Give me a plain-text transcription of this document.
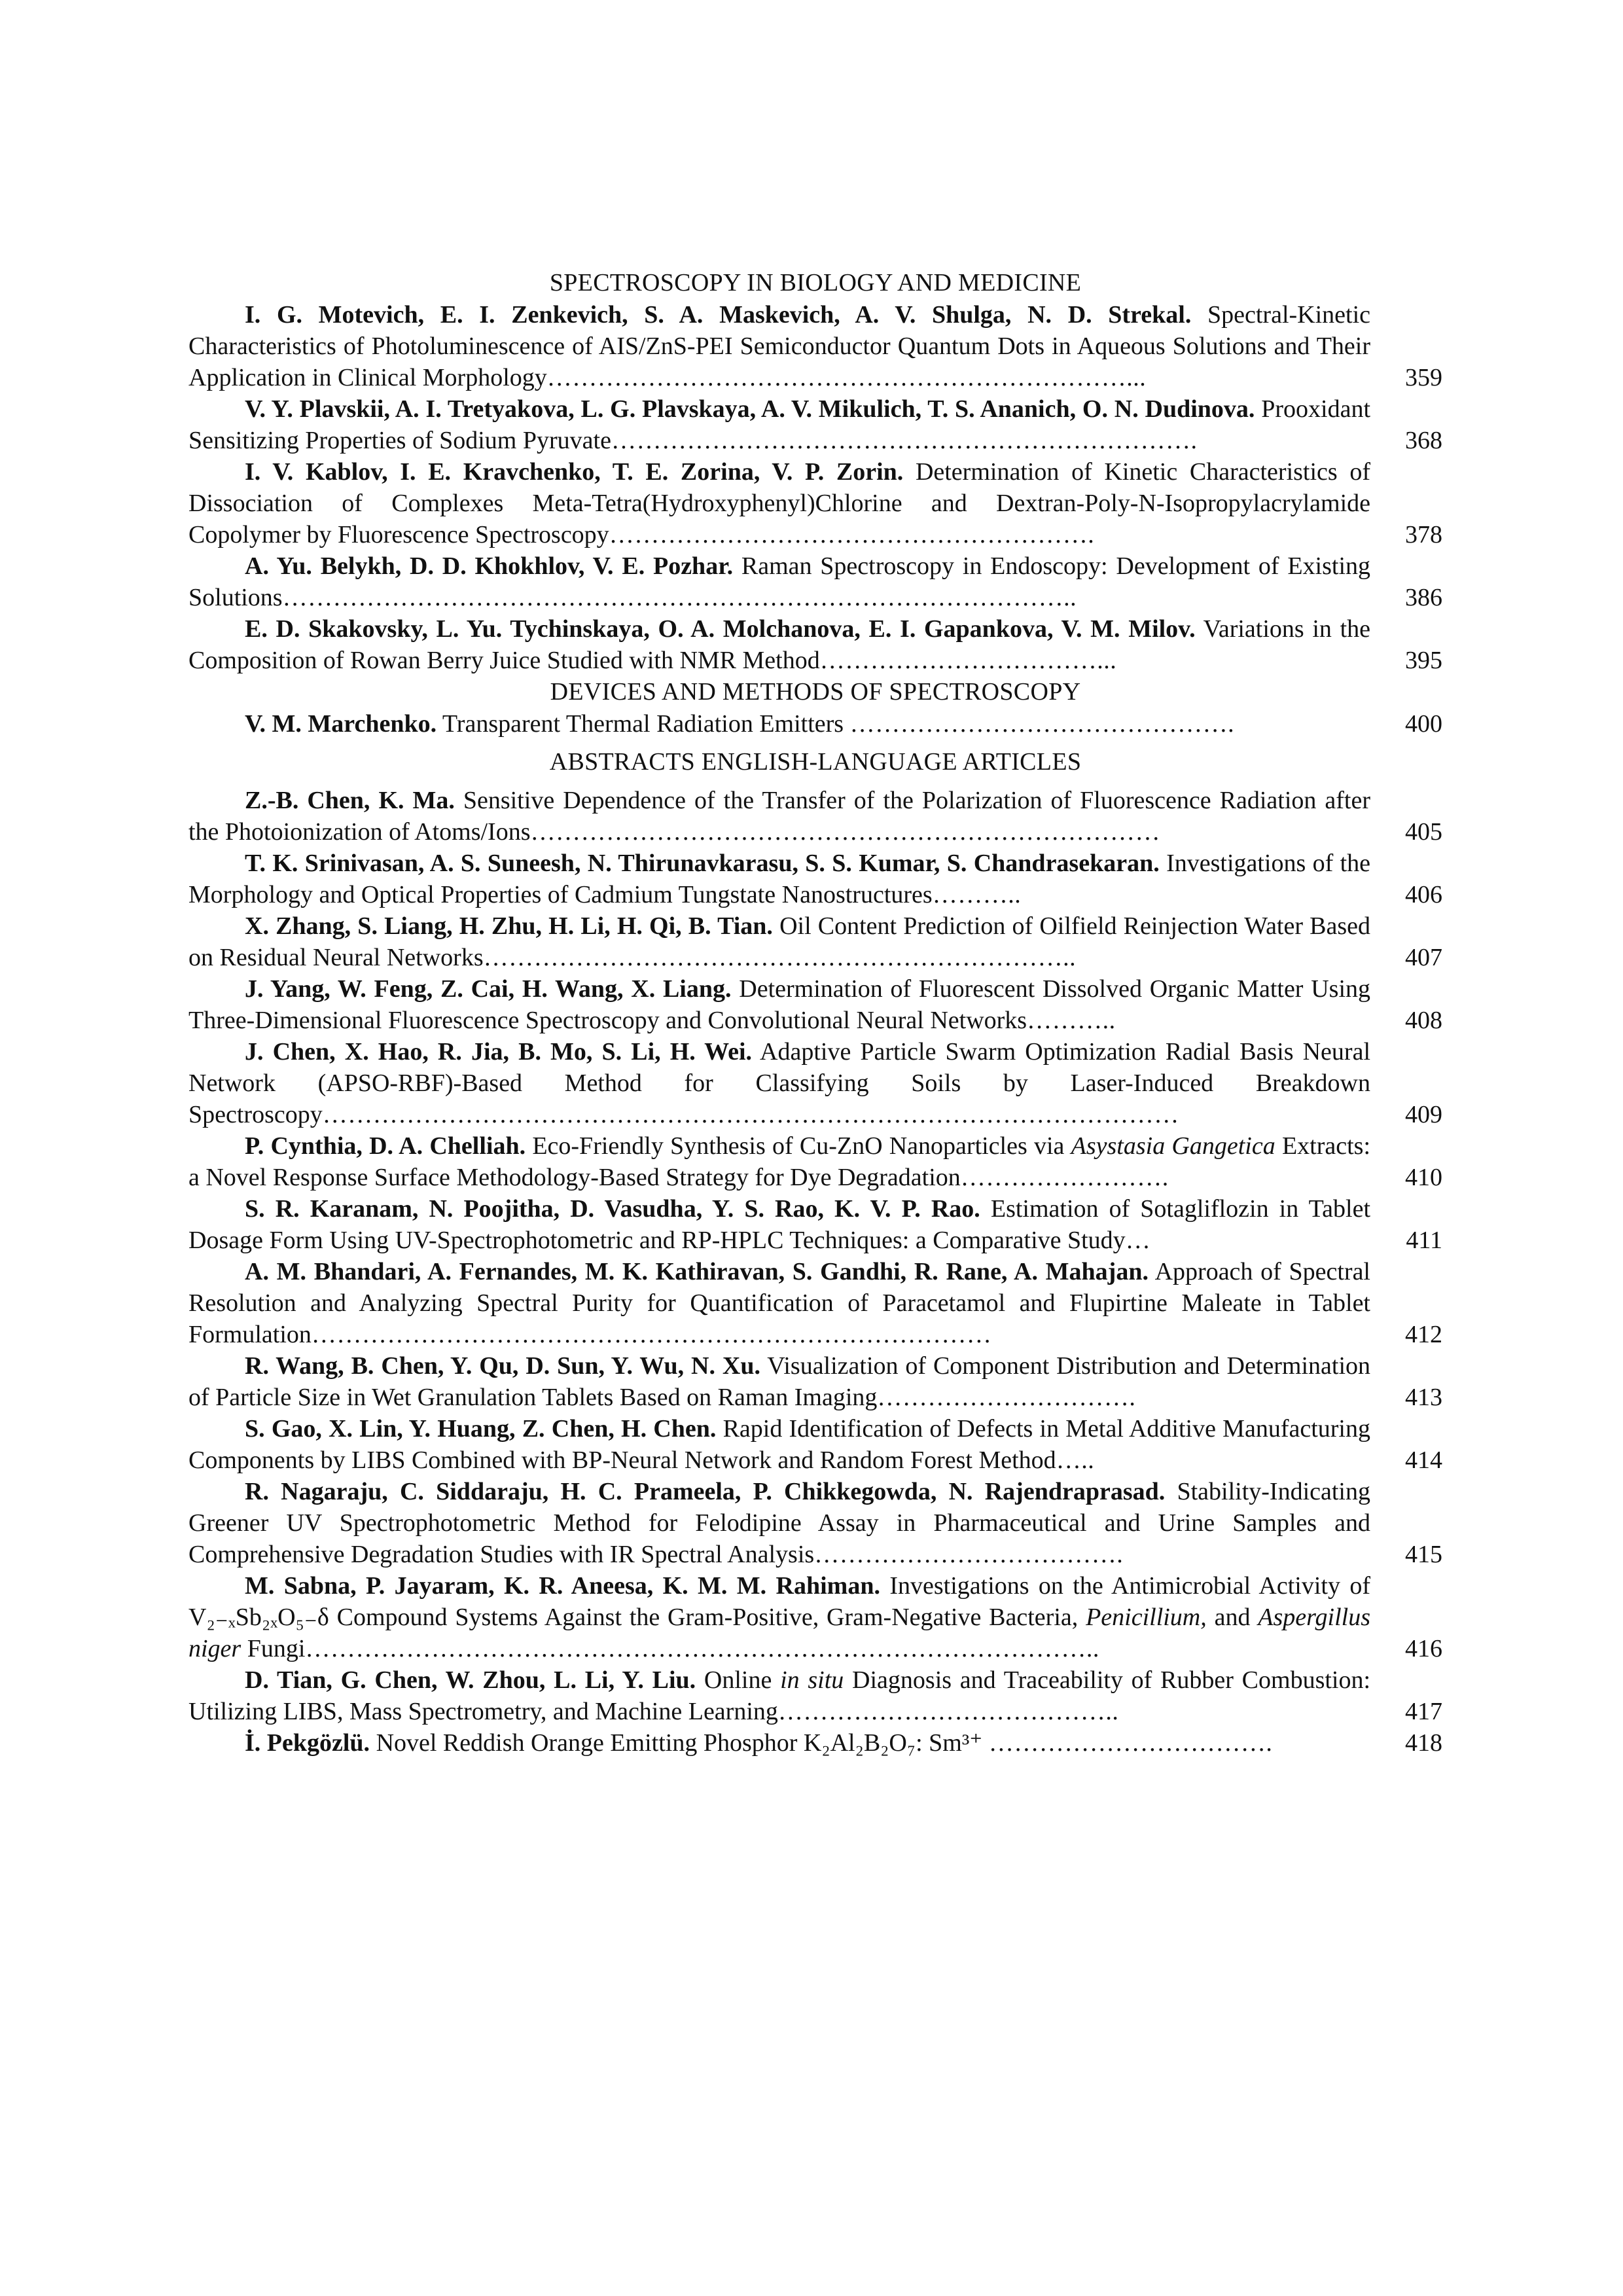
SPECTROSCOPY IN BIOLOGY AND MEDICINE
I. G. Motevich, E. I. Zenkevich, S. A. Maskevich, A. V. Shulga, N. D. Strekal. Spectral-Kinetic Characteristics of Photoluminescence of AIS/ZnS-PEI Semiconductor Quantum Dots in Aqueous Solutions and Their Application in Clinical Morphology……………………………………………………………...	359
V. Y. Plavskii, A. I. Tretyakova, L. G. Plavskaya, A. V. Mikulich, T. S. Ananich, O. N. Dudinova. Prooxidant Sensitizing Properties of Sodium Pyruvate…………………………………………………………….	368
I. V. Kablov, I. E. Kravchenko, T. E. Zorina, V. P. Zorin. Determination of Kinetic Characteristics of Dissociation of Complexes Meta-Tetra(Hydroxyphenyl)Chlorine and Dextran-Poly-N-Isopropylacrylamide Copolymer by Fluorescence Spectroscopy………………………………………………….	378
A. Yu. Belykh, D. D. Khokhlov, V. E. Pozhar. Raman Spectroscopy in Endoscopy: Development of Existing Solutions…………………………………………………………………………………..	386
E. D. Skakovsky, L. Yu. Tychinskaya, O. A. Molchanova, E. I. Gapankova, V. M. Milov. Variations in the Composition of Rowan Berry Juice Studied with NMR Method……………………………...	395
DEVICES AND METHODS OF SPECTROSCOPY
V. M. Marchenko. Transparent Thermal Radiation Emitters ……………………………………….	400
ABSTRACTS ENGLISH-LANGUAGE ARTICLES
Z.-B. Chen, K. Ma. Sensitive Dependence of the Transfer of the Polarization of Fluorescence Radiation after the Photoionization of Atoms/Ions…………………………………………………………………	405
T. K. Srinivasan, A. S. Suneesh, N. Thirunavkarasu, S. S. Kumar, S. Chandrasekaran. Investigations of the Morphology and Optical Properties of Cadmium Tungstate Nanostructures………..	406
X. Zhang, S. Liang, H. Zhu, H. Li, H. Qi, B. Tian. Oil Content Prediction of Oilfield Reinjection Water Based on Residual Neural Networks……………………………………………………………..	407
J. Yang, W. Feng, Z. Cai, H. Wang, X. Liang. Determination of Fluorescent Dissolved Organic Matter Using Three-Dimensional Fluorescence Spectroscopy and Convolutional Neural Networks………..	408
J. Chen, X. Hao, R. Jia, B. Mo, S. Li, H. Wei. Adaptive Particle Swarm Optimization Radial Basis Neural Network (APSO-RBF)-Based Method for Classifying Soils by Laser-Induced Breakdown Spectroscopy…………………………………………………………………………………………	409
P. Cynthia, D. A. Chelliah. Eco-Friendly Synthesis of Cu-ZnO Nanoparticles via Asystasia Gangetica Extracts: a Novel Response Surface Methodology-Based Strategy for Dye Degradation…………………….	410
S. R. Karanam, N. Poojitha, D. Vasudha, Y. S. Rao, K. V. P. Rao. Estimation of Sotagliflozin in Tablet Dosage Form Using UV-Spectrophotometric and RP-HPLC Techniques: a Comparative Study…	411
A. M. Bhandari, A. Fernandes, M. K. Kathiravan, S. Gandhi, R. Rane, A. Mahajan. Approach of Spectral Resolution and Analyzing Spectral Purity for Quantification of Paracetamol and Flupirtine Maleate in Tablet Formulation………………………………………………………………………	412
R. Wang, B. Chen, Y. Qu, D. Sun, Y. Wu, N. Xu. Visualization of Component Distribution and Determination of Particle Size in Wet Granulation Tablets Based on Raman Imaging………………………….	413
S. Gao, X. Lin, Y. Huang, Z. Chen, H. Chen. Rapid Identification of Defects in Metal Additive Manufacturing Components by LIBS Combined with BP-Neural Network and Random Forest Method…..	414
R. Nagaraju, C. Siddaraju, H. C. Prameela, P. Chikkegowda, N. Rajendraprasad. Stability-Indicating Greener UV Spectrophotometric Method for Felodipine Assay in Pharmaceutical and Urine Samples and Comprehensive Degradation Studies with IR Spectral Analysis……………………………….	415
M. Sabna, P. Jayaram, K. R. Aneesa, K. M. M. Rahiman. Investigations on the Antimicrobial Activity of V₂₋ₓSb₂ₓO₅₋δ Compound Systems Against the Gram-Positive, Gram-Negative Bacteria, Penicillium, and Aspergillus niger Fungi…………………………………………………………………………………..	416
D. Tian, G. Chen, W. Zhou, L. Li, Y. Liu. Online in situ Diagnosis and Traceability of Rubber Combustion: Utilizing LIBS, Mass Spectrometry, and Machine Learning…………………………………..	417
İ. Pekgözlü. Novel Reddish Orange Emitting Phosphor K₂Al₂B₂O₇: Sm³⁺ …………………………….	418
